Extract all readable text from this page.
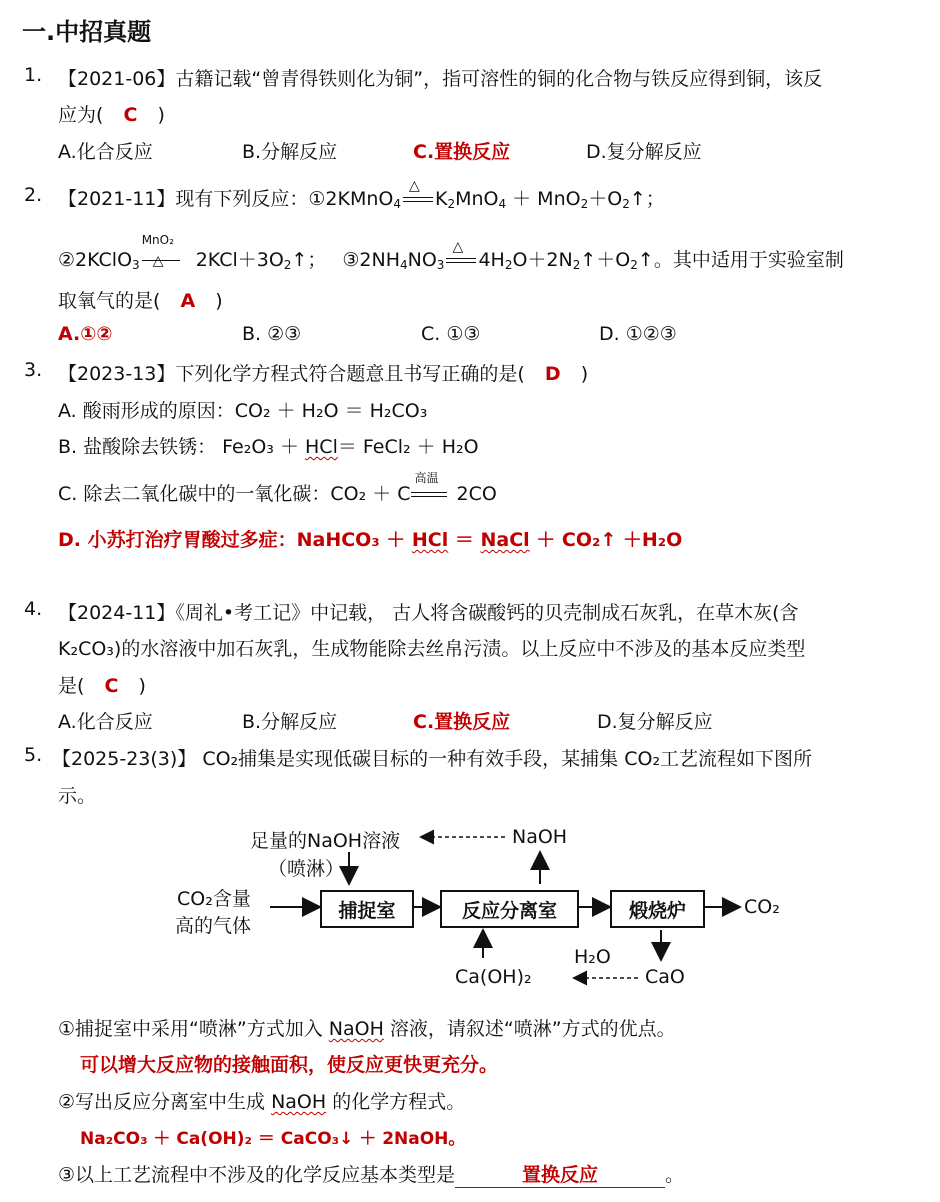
一.中招真题
1. 【2021-06】古籍记载“曾青得铁则化为铜”，指可溶性的铜的化合物与铁反应得到铜，该反
应为( C )
A.化合反应	B.分解反应	C.置换反应	D.复分解反应
2. 【2021-11】现有下列反应：①2KMnO$_4$
△
$K_2MnO_4$ ＋ $MnO_2+O_2↑$；
②2KClO$_3$
MnO₂
△ $2KCl+3O_2↑$； $③2NH_4NO_3$
△
$4H_2O+2N_2↑+O_2↑$。其中适用于实验室制
取氧气的是( A )
A.①②	B. ②③	C. ①③	D. ①②③
3. 【2023-13】下列化学方程式符合题意且书写正确的是( D )
A. 酸雨形成的原因：CO₂ ＋ H₂O ＝ H₂CO₃
B. 盐酸除去铁锈： Fe₂O₃ ＋ HCl＝ FeCl₂ ＋ H₂O
C. 除去二氧化碳中的一氧化碳：CO₂ ＋ C
高温
2CO
D. 小苏打治疗胃酸过多症：NaHCO₃ ＋ HCl ＝ NaCl ＋ CO₂↑ ＋H₂O
4. 【2024-11】《周礼•考工记》中记载， 古人将含碳酸钙的贝壳制成石灰乳，在草木灰(含
K₂CO₃)的水溶液中加石灰乳，生成物能除去丝帛污渍。以上反应中不涉及的基本反应类型
是( C )
A.化合反应	B.分解反应	C.置换反应	D.复分解反应
5. 【2025-23(3)】 CO₂捕集是实现低碳目标的一种有效手段，某捕集 CO₂工艺流程如下图所
示。
足量的NaOH溶液
（喷淋）
NaOH
CO₂含量
高的气体
捕捉室	反应分离室	煅烧炉	CO₂
H₂O
Ca(OH)₂	CaO
①捕捉室中采用“喷淋”方式加入 NaOH 溶液，请叙述“喷淋”方式的优点。
可以增大反应物的接触面积，使反应更快更充分。
②写出反应分离室中生成 NaOH 的化学方程式。
Na₂CO₃ ＋ Ca(OH)₂ ＝ CaCO₃↓ ＋ 2NaOH。
③以上工艺流程中不涉及的化学反应基本类型是	置换反应	。
